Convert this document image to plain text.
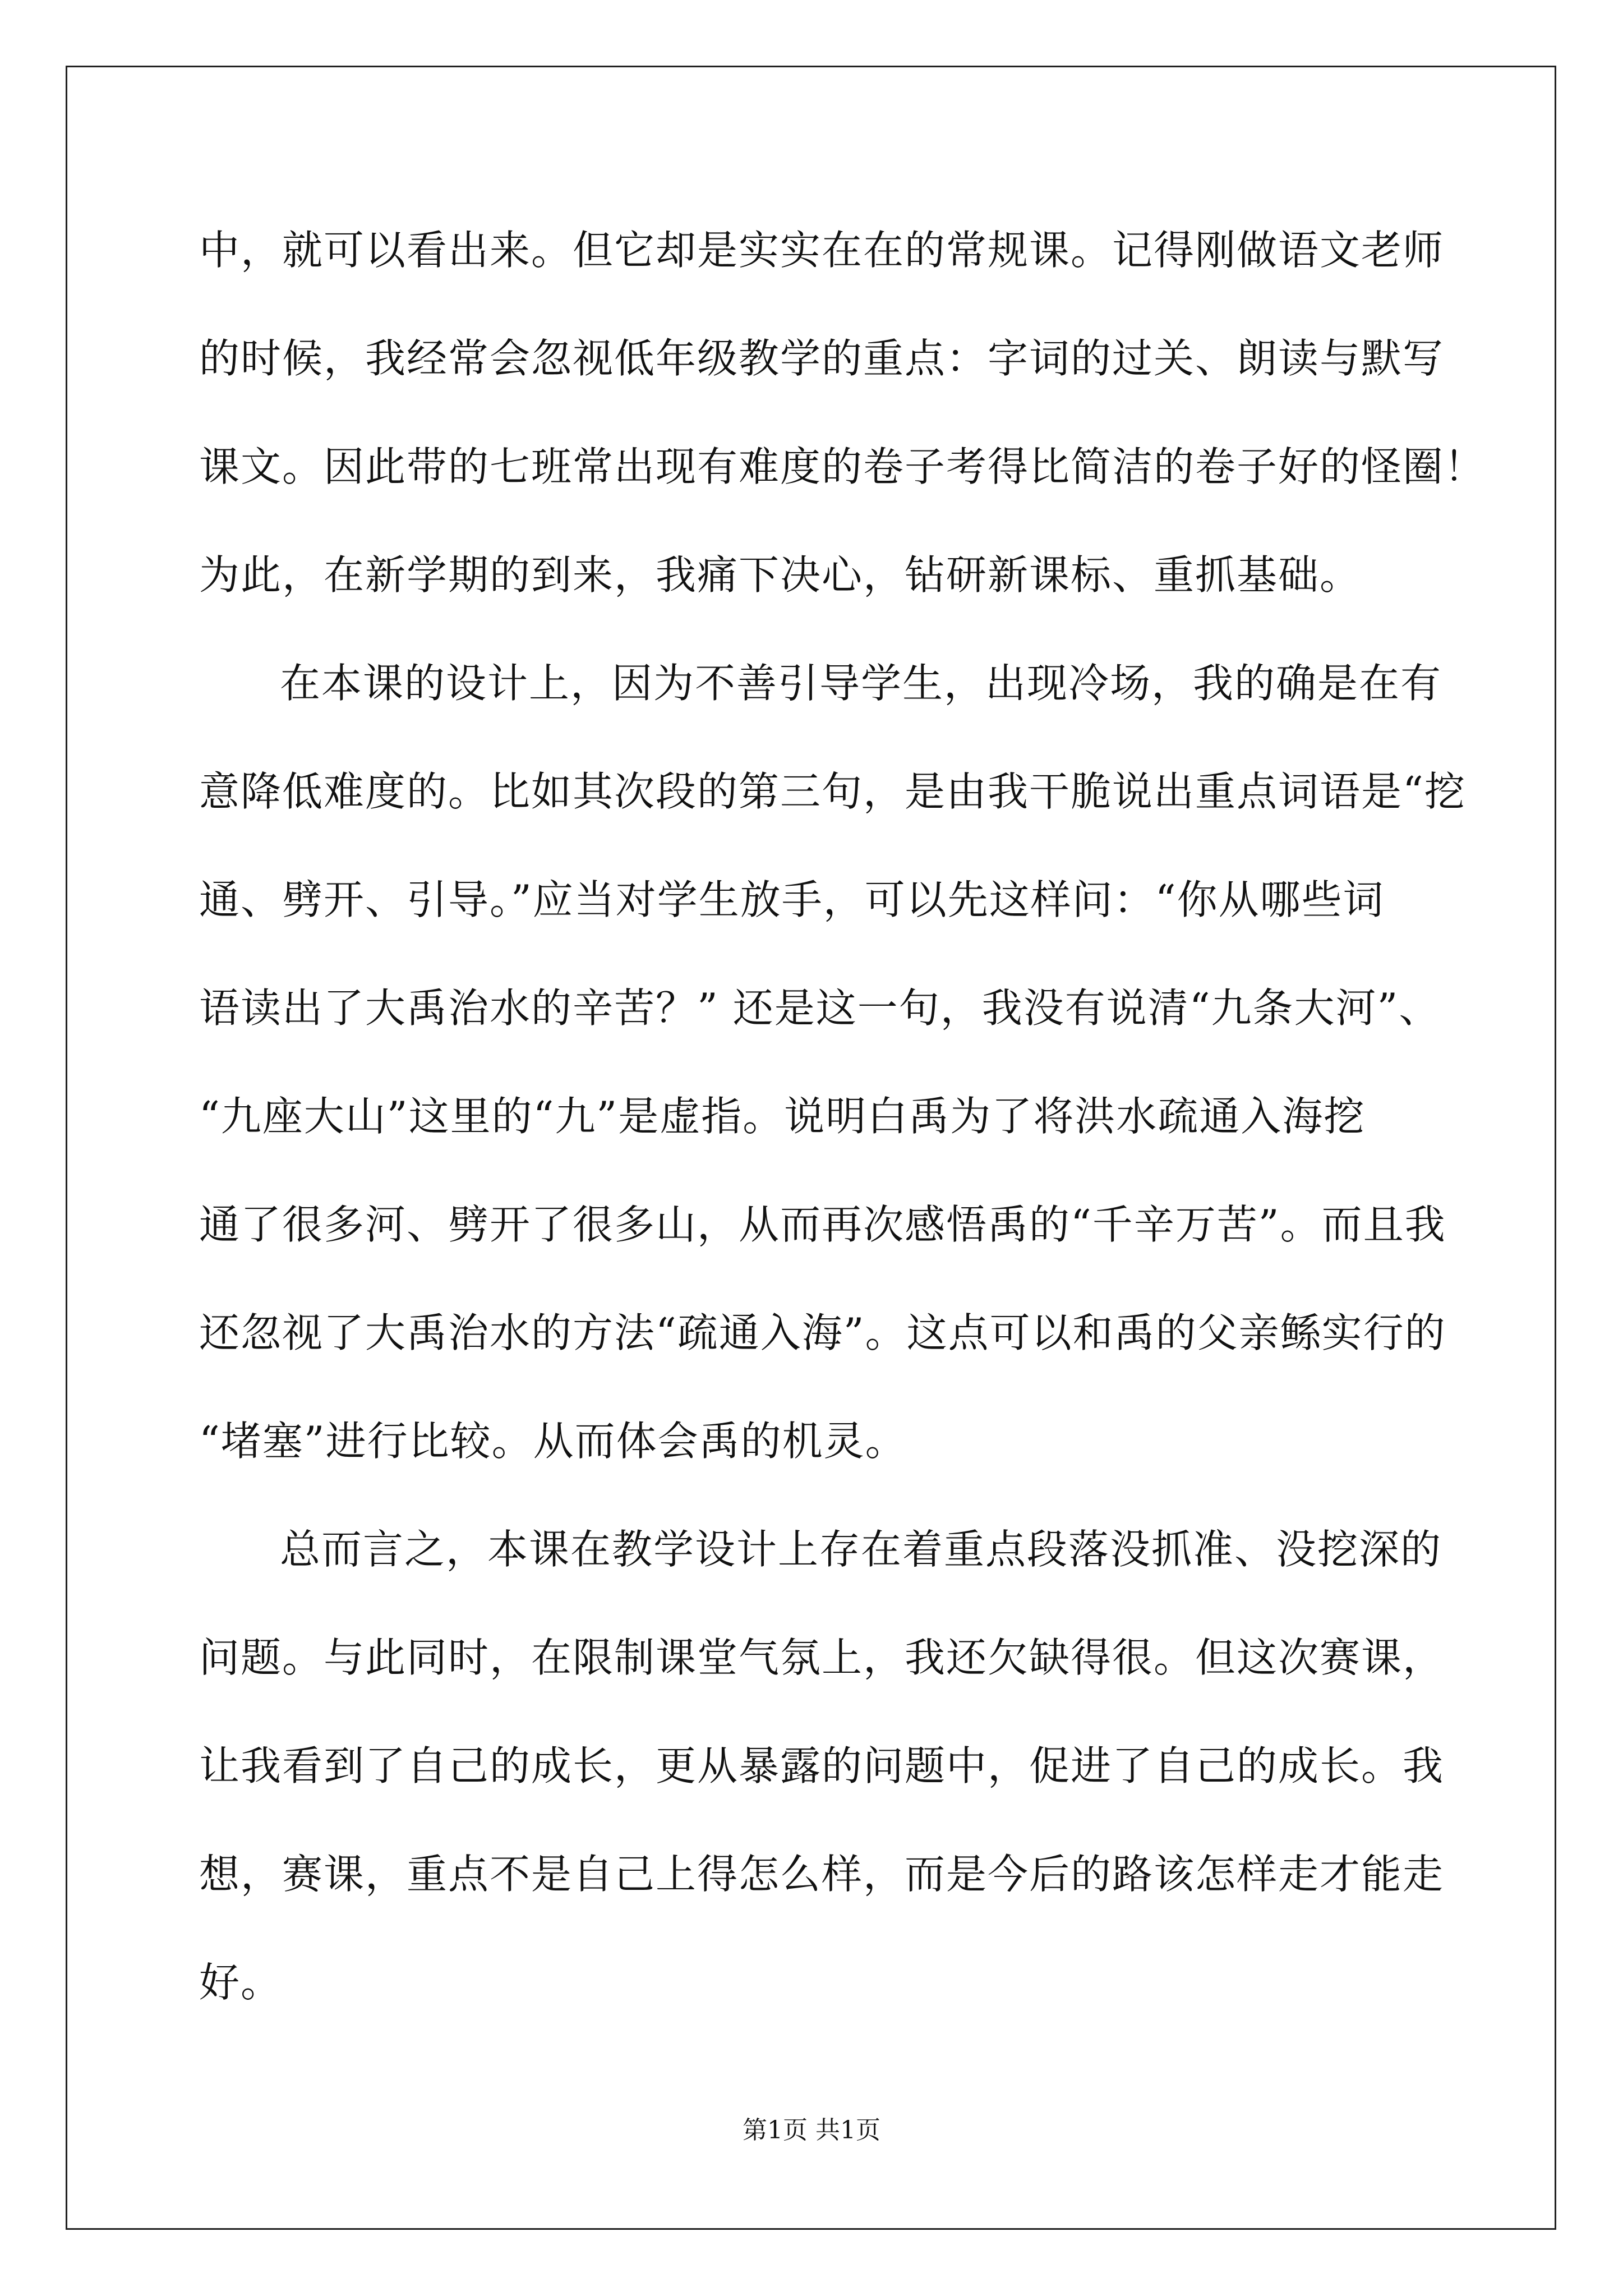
中，就可以看出来。但它却是实实在在的常规课。记得刚做语文老师
的时候，我经常会忽视低年级教学的重点：字词的过关、朗读与默写
课文。因此带的七班常出现有难度的卷子考得比简洁的卷子好的怪圈！
为此，在新学期的到来，我痛下决心，钻研新课标、重抓基础。
在本课的设计上，因为不善引导学生，出现冷场，我的确是在有
意降低难度的。比如其次段的第三句，是由我干脆说出重点词语是“挖
通、劈开、引导。”应当对学生放手，可以先这样问：“你从哪些词
语读出了大禹治水的辛苦？” 还是这一句，我没有说清“九条大河”、
“九座大山”这里的“九”是虚指。说明白禹为了将洪水疏通入海挖
通了很多河、劈开了很多山，从而再次感悟禹的“千辛万苦”。而且我
还忽视了大禹治水的方法“疏通入海”。这点可以和禹的父亲鲧实行的
“堵塞”进行比较。从而体会禹的机灵。
总而言之，本课在教学设计上存在着重点段落没抓准、没挖深的
问题。与此同时，在限制课堂气氛上，我还欠缺得很。但这次赛课，
让我看到了自己的成长，更从暴露的问题中，促进了自己的成长。我
想，赛课，重点不是自己上得怎么样，而是今后的路该怎样走才能走
好。
第1页 共1页
